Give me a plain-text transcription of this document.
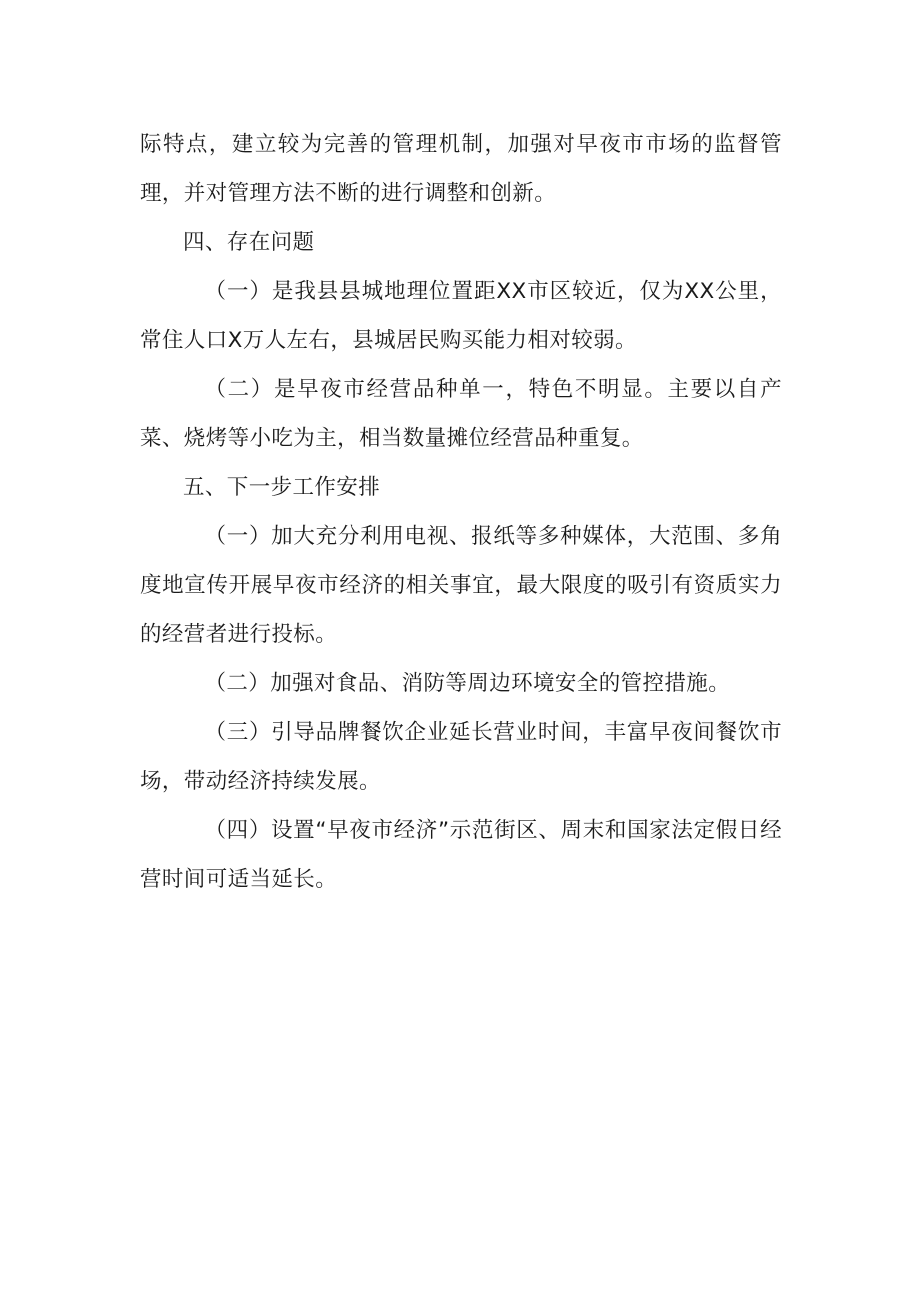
际特点，建立较为完善的管理机制，加强对早夜市市场的监督管理，并对管理方法不断的进行调整和创新。

四、存在问题

（一）是我县县城地理位置距XX市区较近，仅为XX公里，常住人口X万人左右，县城居民购买能力相对较弱。

（二）是早夜市经营品种单一，特色不明显。主要以自产菜、烧烤等小吃为主，相当数量摊位经营品种重复。

五、下一步工作安排

（一）加大充分利用电视、报纸等多种媒体，大范围、多角度地宣传开展早夜市经济的相关事宜，最大限度的吸引有资质实力的经营者进行投标。

（二）加强对食品、消防等周边环境安全的管控措施。

（三）引导品牌餐饮企业延长营业时间，丰富早夜间餐饮市场，带动经济持续发展。

（四）设置“早夜市经济”示范街区、周末和国家法定假日经营时间可适当延长。
